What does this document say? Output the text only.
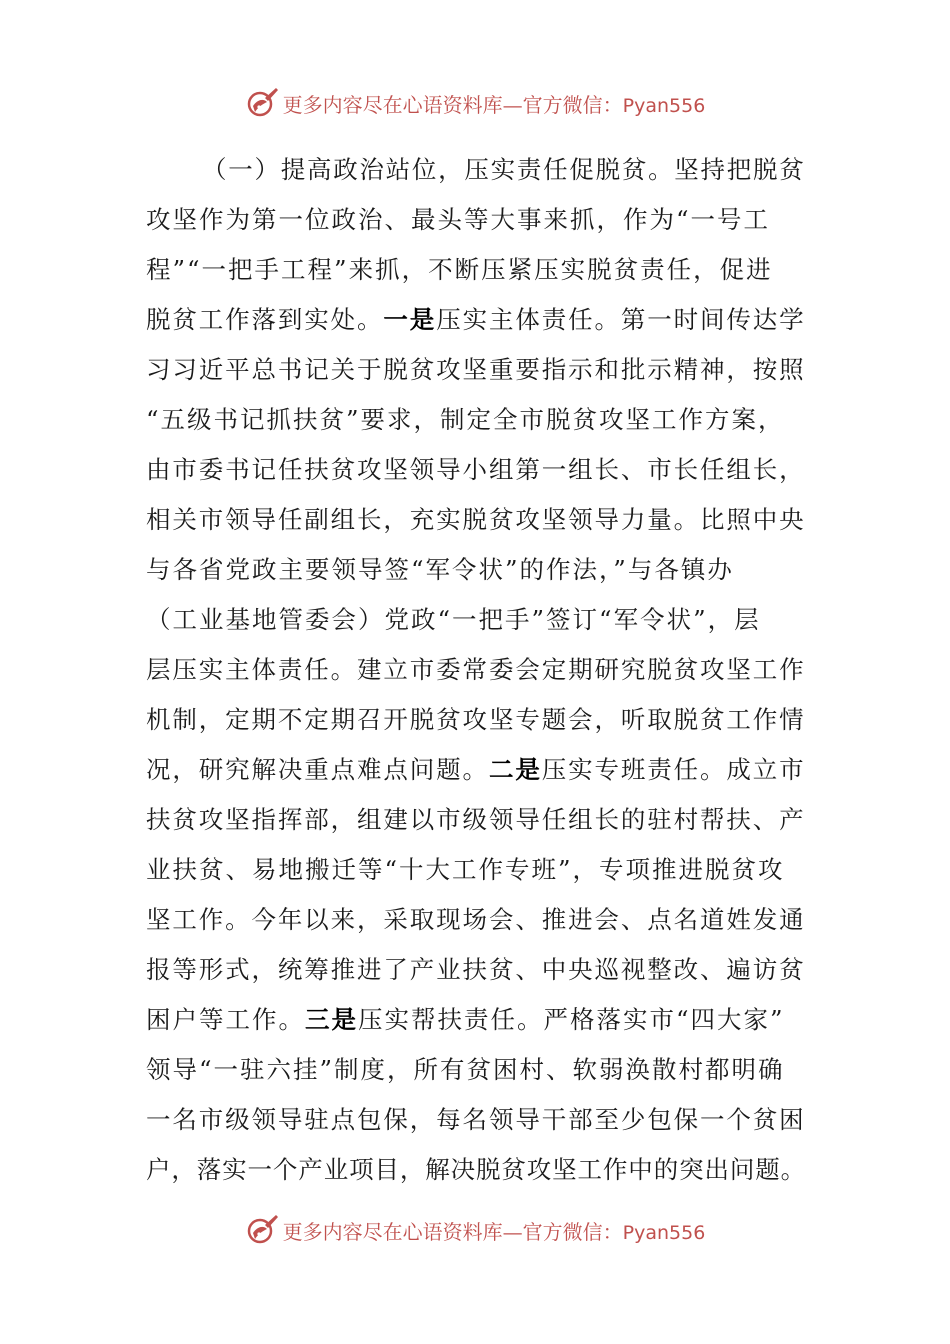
更多内容尽在心语资料库—官方微信：Pyan556
（一）提高政治站位，压实责任促脱贫。坚持把脱贫
攻坚作为第一位政治、最头等大事来抓，作为“一号工
程”“一把手工程”来抓，不断压紧压实脱贫责任，促进
脱贫工作落到实处。一是压实主体责任。第一时间传达学
习习近平总书记关于脱贫攻坚重要指示和批示精神，按照
“五级书记抓扶贫”要求，制定全市脱贫攻坚工作方案，
由市委书记任扶贫攻坚领导小组第一组长、市长任组长，
相关市领导任副组长，充实脱贫攻坚领导力量。比照中央
与各省党政主要领导签“军令状”的作法，”与各镇办
（工业基地管委会）党政“一把手”签订“军令状”，层
层压实主体责任。建立市委常委会定期研究脱贫攻坚工作
机制，定期不定期召开脱贫攻坚专题会，听取脱贫工作情
况，研究解决重点难点问题。二是压实专班责任。成立市
扶贫攻坚指挥部，组建以市级领导任组长的驻村帮扶、产
业扶贫、易地搬迁等“十大工作专班”，专项推进脱贫攻
坚工作。今年以来，采取现场会、推进会、点名道姓发通
报等形式，统筹推进了产业扶贫、中央巡视整改、遍访贫
困户等工作。三是压实帮扶责任。严格落实市“四大家”
领导“一驻六挂”制度，所有贫困村、软弱涣散村都明确
一名市级领导驻点包保，每名领导干部至少包保一个贫困
户，落实一个产业项目，解决脱贫攻坚工作中的突出问题。
更多内容尽在心语资料库—官方微信：Pyan556
